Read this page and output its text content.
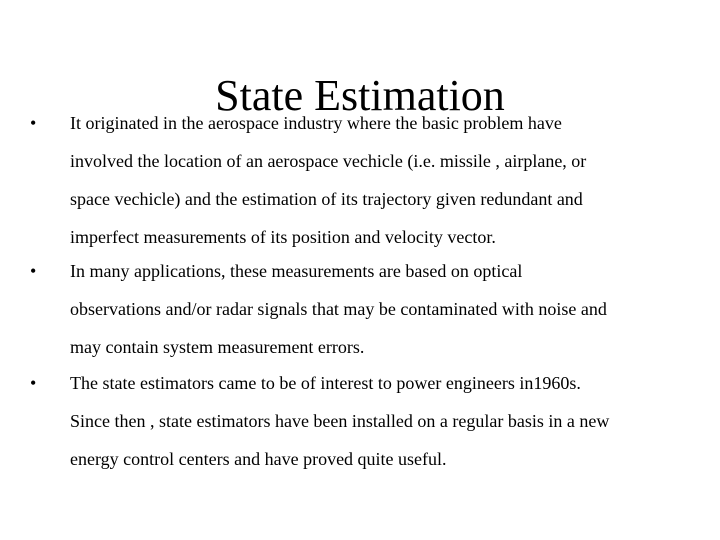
• It originated in the aerospace industry where the basic problem have
involved the location of an aerospace vechicle (i.e. missile , airplane, or
space vechicle) and the estimation of its trajectory given redundant and
imperfect measurements of its position and velocity vector.
• In many applications, these measurements are based on optical
observations and/or radar signals that may be contaminated with noise and
may contain system measurement errors.
• The state estimators came to be of interest to power engineers in1960s.
Since then , state estimators have been installed on a regular basis in a new
energy control centers and have proved quite useful.
State Estimation
